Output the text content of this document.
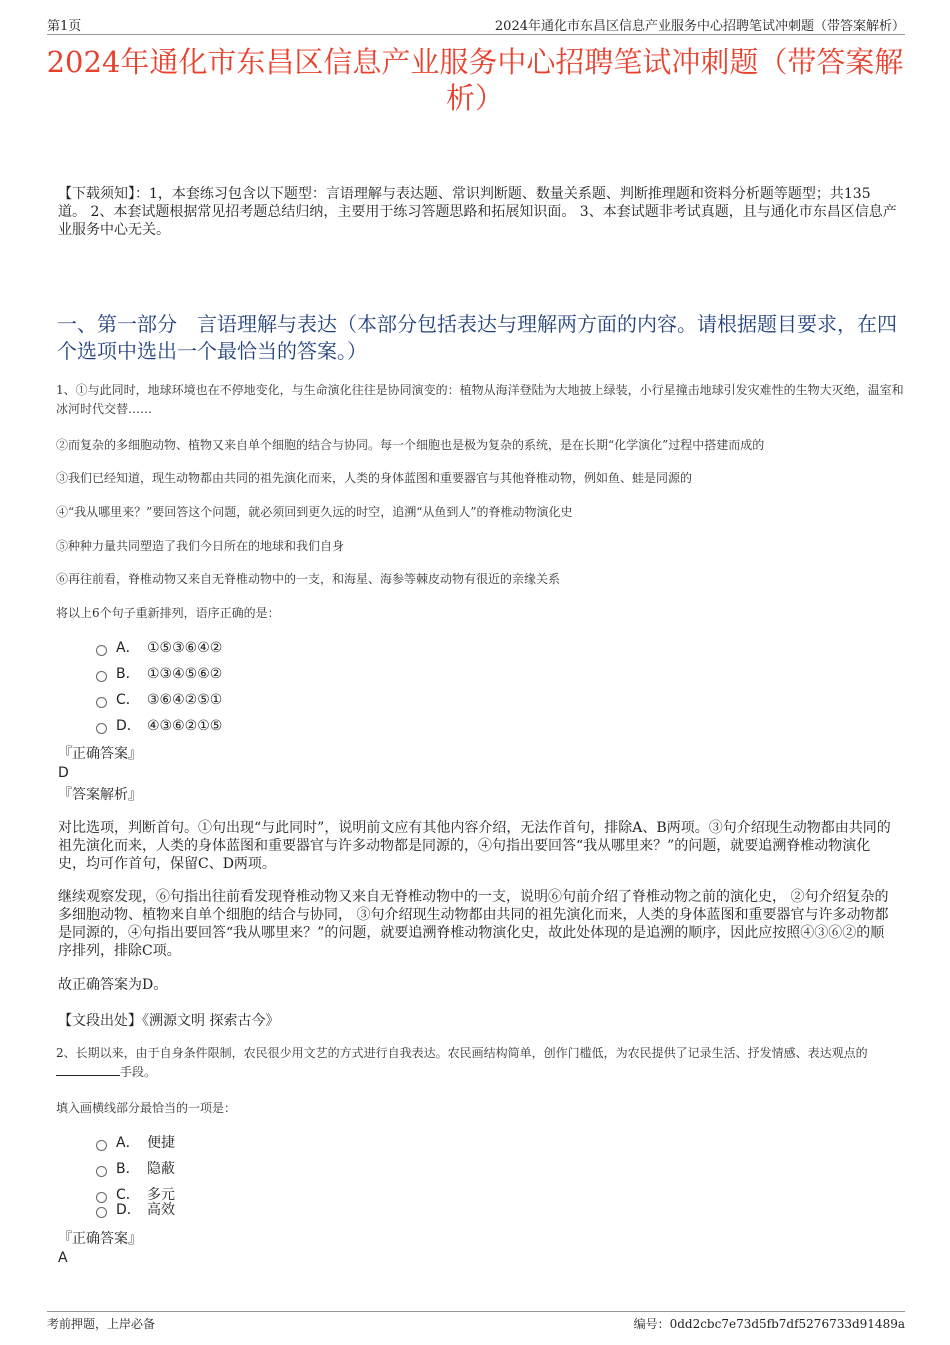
第1页	2024年通化市东昌区信息产业服务中心招聘笔试冲刺题（带答案解析）
2024年通化市东昌区信息产业服务中心招聘笔试冲刺题（带答案解析）
【下载须知】：1，本套练习包含以下题型：言语理解与表达题、常识判断题、数量关系题、判断推理题和资料分析题等题型；共135道。 2、本套试题根据常见招考题总结归纳，主要用于练习答题思路和拓展知识面。 3、本套试题非考试真题，且与通化市东昌区信息产业服务中心无关。
一、第一部分　言语理解与表达（本部分包括表达与理解两方面的内容。请根据题目要求，在四个选项中选出一个最恰当的答案。）
1、①与此同时，地球环境也在不停地变化，与生命演化往往是协同演变的：植物从海洋登陆为大地披上绿装，小行星撞击地球引发灾难性的生物大灭绝，温室和冰河时代交替……
②而复杂的多细胞动物、植物又来自单个细胞的结合与协同。每一个细胞也是极为复杂的系统，是在长期“化学演化”过程中搭建而成的
③我们已经知道，现生动物都由共同的祖先演化而来，人类的身体蓝图和重要器官与其他脊椎动物，例如鱼、蛙是同源的
④“我从哪里来？”要回答这个问题，就必须回到更久远的时空，追溯“从鱼到人”的脊椎动物演化史
⑤种种力量共同塑造了我们今日所在的地球和我们自身
⑥再往前看，脊椎动物又来自无脊椎动物中的一支，和海星、海参等棘皮动物有很近的亲缘关系
将以上6个句子重新排列，语序正确的是：
A． ①⑤③⑥④②
B． ①③④⑤⑥②
C． ③⑥④②⑤①
D． ④③⑥②①⑤
『正确答案』
D
『答案解析』
对比选项，判断首句。①句出现“与此同时”，说明前文应有其他内容介绍，无法作首句，排除A、B两项。③句介绍现生动物都由共同的祖先演化而来，人类的身体蓝图和重要器官与许多动物都是同源的，④句指出要回答“我从哪里来？”的问题，就要追溯脊椎动物演化史，均可作首句，保留C、D两项。
继续观察发现，⑥句指出往前看发现脊椎动物又来自无脊椎动物中的一支，说明⑥句前介绍了脊椎动物之前的演化史， ②句介绍复杂的多细胞动物、植物来自单个细胞的结合与协同， ③句介绍现生动物都由共同的祖先演化而来，人类的身体蓝图和重要器官与许多动物都是同源的，④句指出要回答“我从哪里来？”的问题，就要追溯脊椎动物演化史，故此处体现的是追溯的顺序，因此应按照④③⑥②的顺序排列，排除C项。
故正确答案为D。
【文段出处】《溯源文明 探索古今》
2、长期以来，由于自身条件限制，农民很少用文艺的方式进行自我表达。农民画结构简单，创作门槛低，为农民提供了记录生活、抒发情感、表达观点的 手段。
填入画横线部分最恰当的一项是：
A． 便捷
B． 隐蔽
C． 多元
D． 高效
『正确答案』
A
考前押题，上岸必备	编号：0dd2cbc7e73d5fb7df5276733d91489a
